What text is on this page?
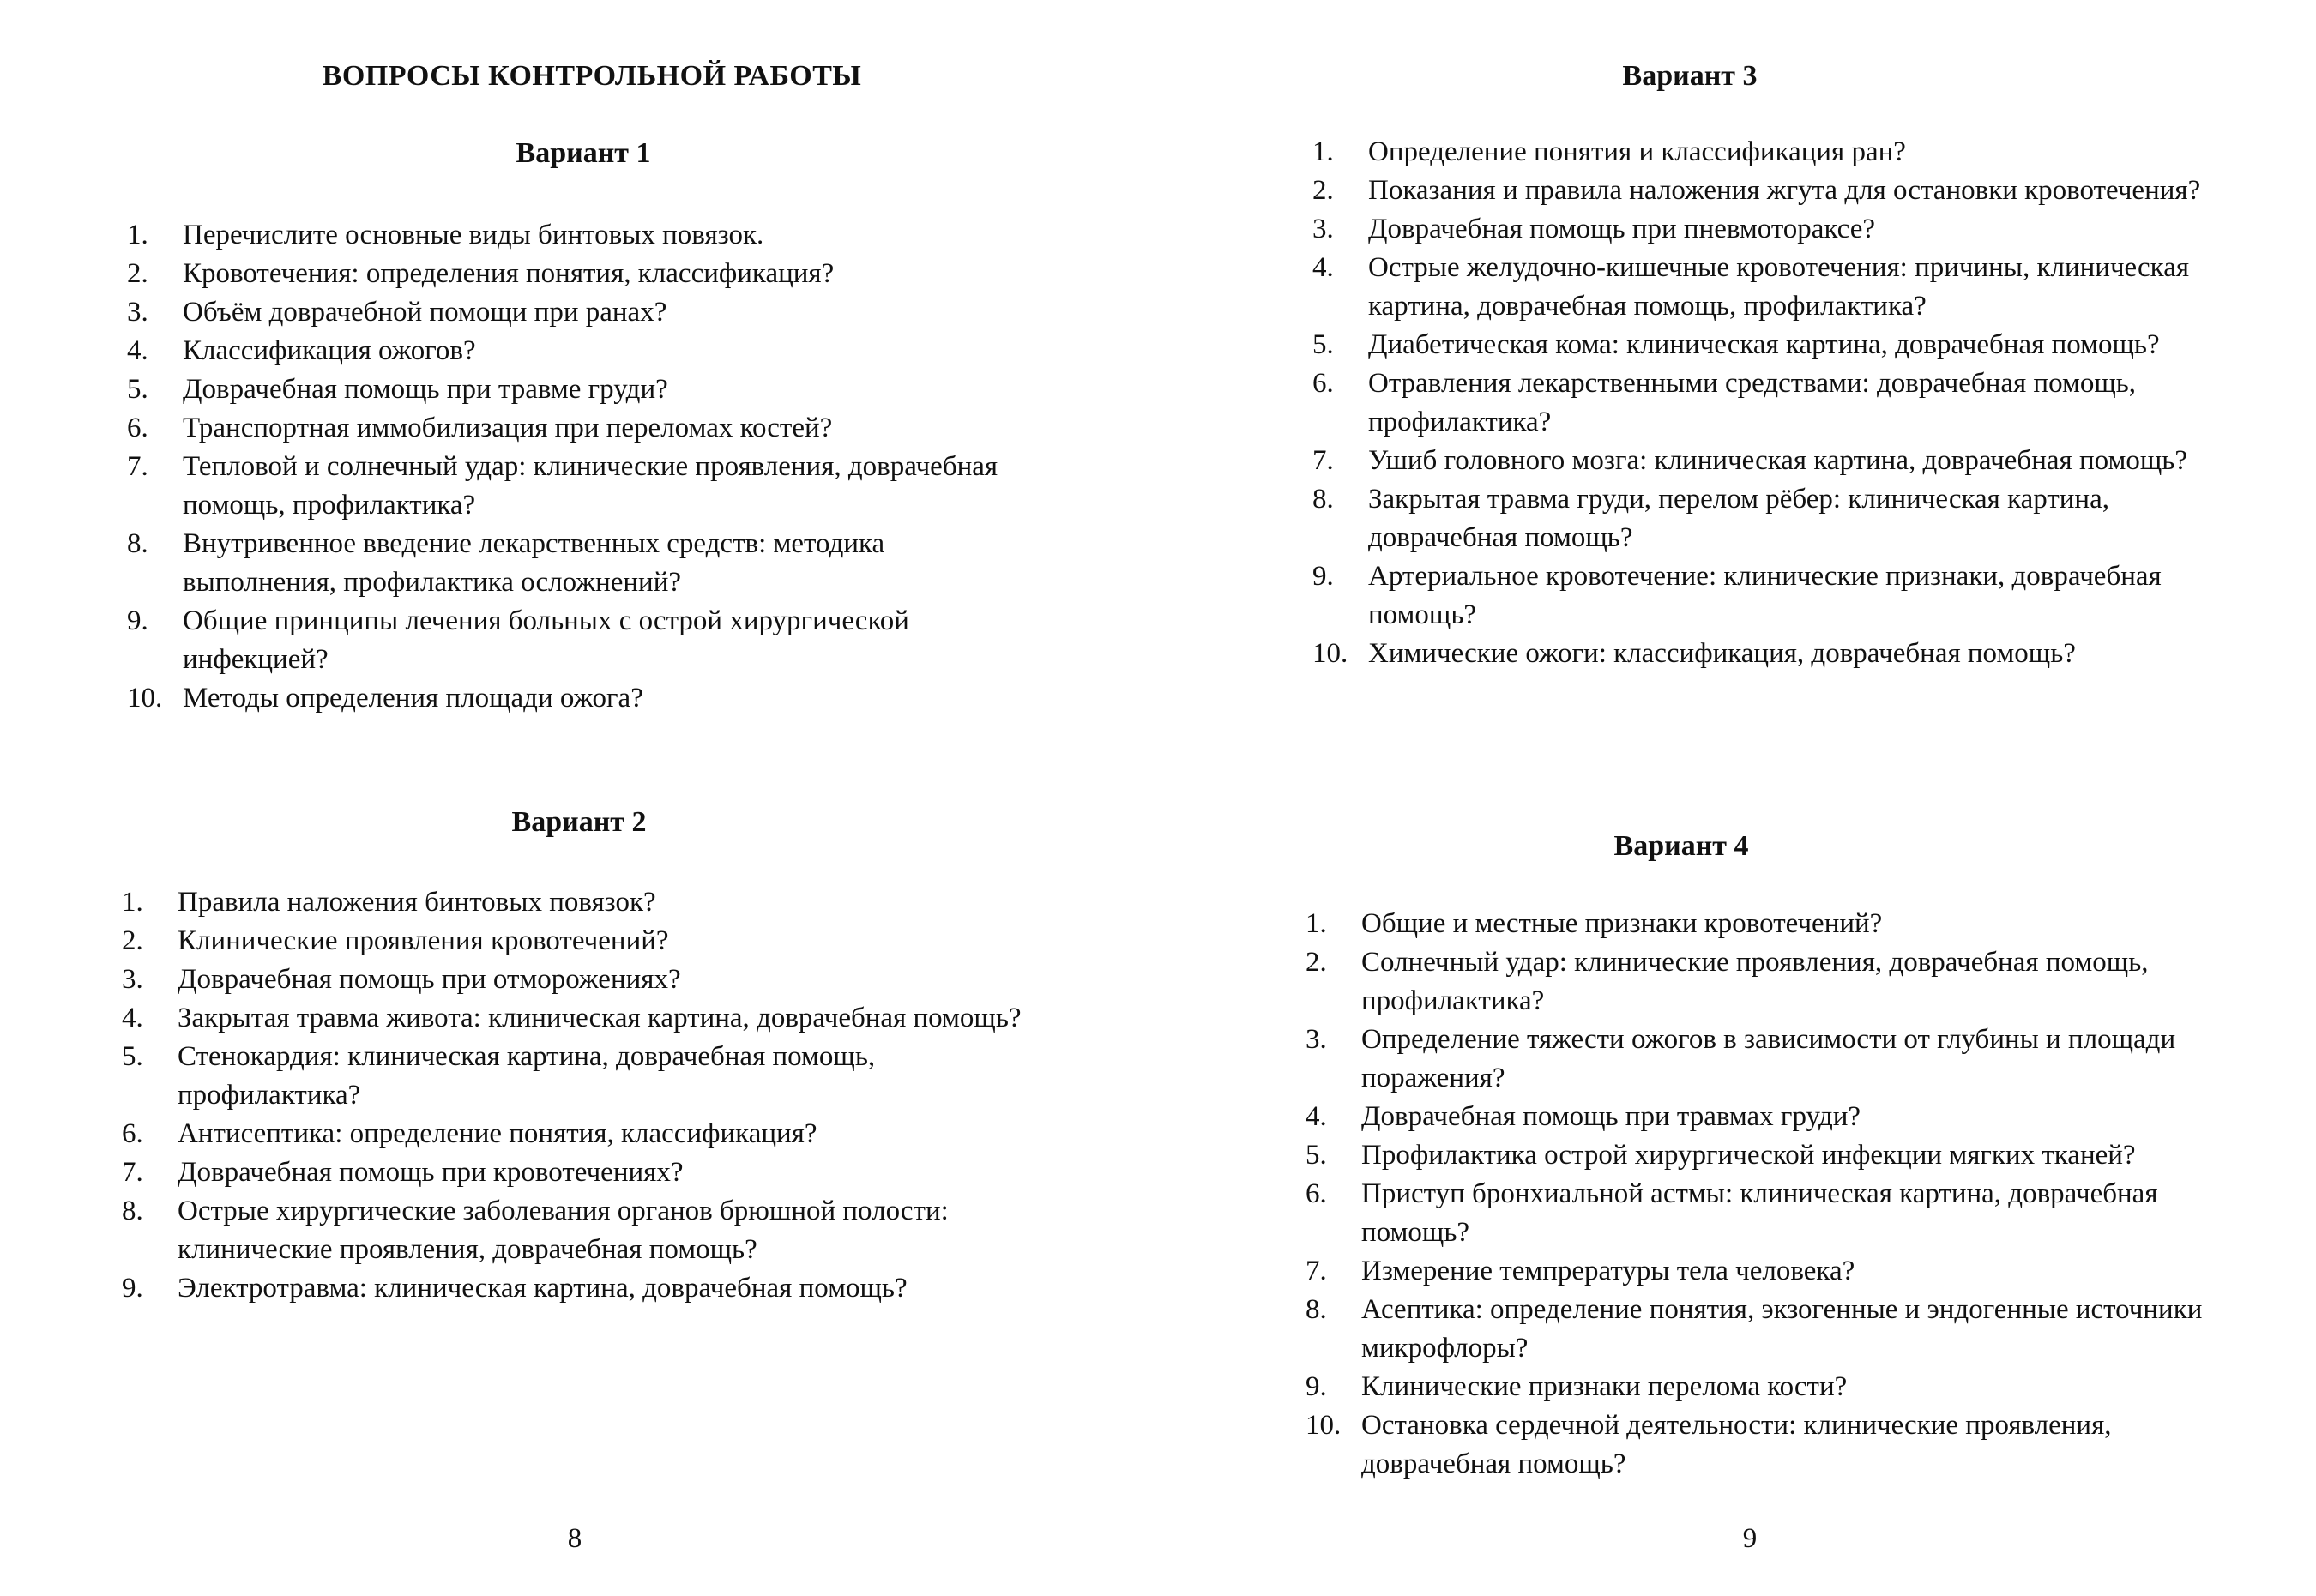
ВОПРОСЫ КОНТРОЛЬНОЙ РАБОТЫ
Вариант 1
1.	Перечислите основные виды бинтовых повязок.
2.	Кровотечения: определения понятия, классификация?
3.	Объём доврачебной помощи при ранах?
4.	Классификация ожогов?
5.	Доврачебная помощь при травме груди?
6.	Транспортная иммобилизация при переломах костей?
7.	Тепловой и солнечный удар: клинические проявления, доврачебная помощь, профилактика?
8.	Внутривенное введение лекарственных средств: методика выполнения, профилактика осложнений?
9.	Общие принципы лечения больных с острой хирургической инфекцией?
10. Методы определения площади ожога?
Вариант 2
1.	Правила наложения бинтовых повязок?
2.	Клинические проявления кровотечений?
3.	Доврачебная помощь при отморожениях?
4.	Закрытая травма живота: клиническая картина, доврачебная помощь?
5.	Стенокардия: клиническая картина, доврачебная помощь, профилактика?
6.	Антисептика: определение понятия, классификация?
7.	Доврачебная помощь при кровотечениях?
8.	Острые хирургические заболевания органов брюшной полости: клинические проявления, доврачебная помощь?
9.	Электротравма: клиническая картина, доврачебная помощь?
8
Вариант 3
1.	Определение понятия и классификация ран?
2.	Показания и правила наложения жгута для остановки кровотечения?
3.	Доврачебная помощь при пневмотораксе?
4.	Острые желудочно-кишечные кровотечения: причины, клиническая картина, доврачебная помощь, профилактика?
5.	Диабетическая кома: клиническая картина, доврачебная помощь?
6.	Отравления лекарственными средствами: доврачебная помощь, профилактика?
7.	Ушиб головного мозга: клиническая картина, доврачебная помощь?
8.	Закрытая травма груди, перелом рёбер: клиническая картина, доврачебная помощь?
9.	Артериальное кровотечение: клинические признаки, доврачебная помощь?
10. Химические ожоги: классификация, доврачебная помощь?
Вариант 4
1.	Общие и местные признаки кровотечений?
2.	Солнечный удар: клинические проявления, доврачебная помощь, профилактика?
3.	Определение тяжести ожогов в зависимости от глубины и площади поражения?
4.	Доврачебная помощь при травмах груди?
5.	Профилактика острой хирургической инфекции мягких тканей?
6.	Приступ бронхиальной астмы: клиническая картина, доврачебная помощь?
7.	Измерение темпрературы тела человека?
8.	Асептика: определение понятия, экзогенные и эндогенные источники микрофлоры?
9.	Клинические признаки перелома кости?
10. Остановка сердечной деятельности: клинические проявления, доврачебная помощь?
9
